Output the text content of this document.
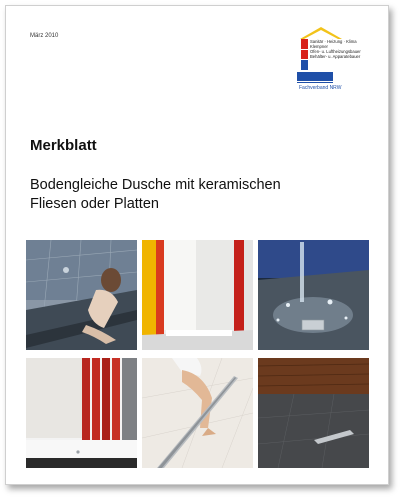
März 2010
Sanitär · Heizung · Klima
Klempner
Ofen- u. Luftheizungsbauer
Behälter- u. Apparatebauer
Fachverband NRW
Merkblatt

Bodengleiche Dusche mit keramischen
Fliesen oder Platten
